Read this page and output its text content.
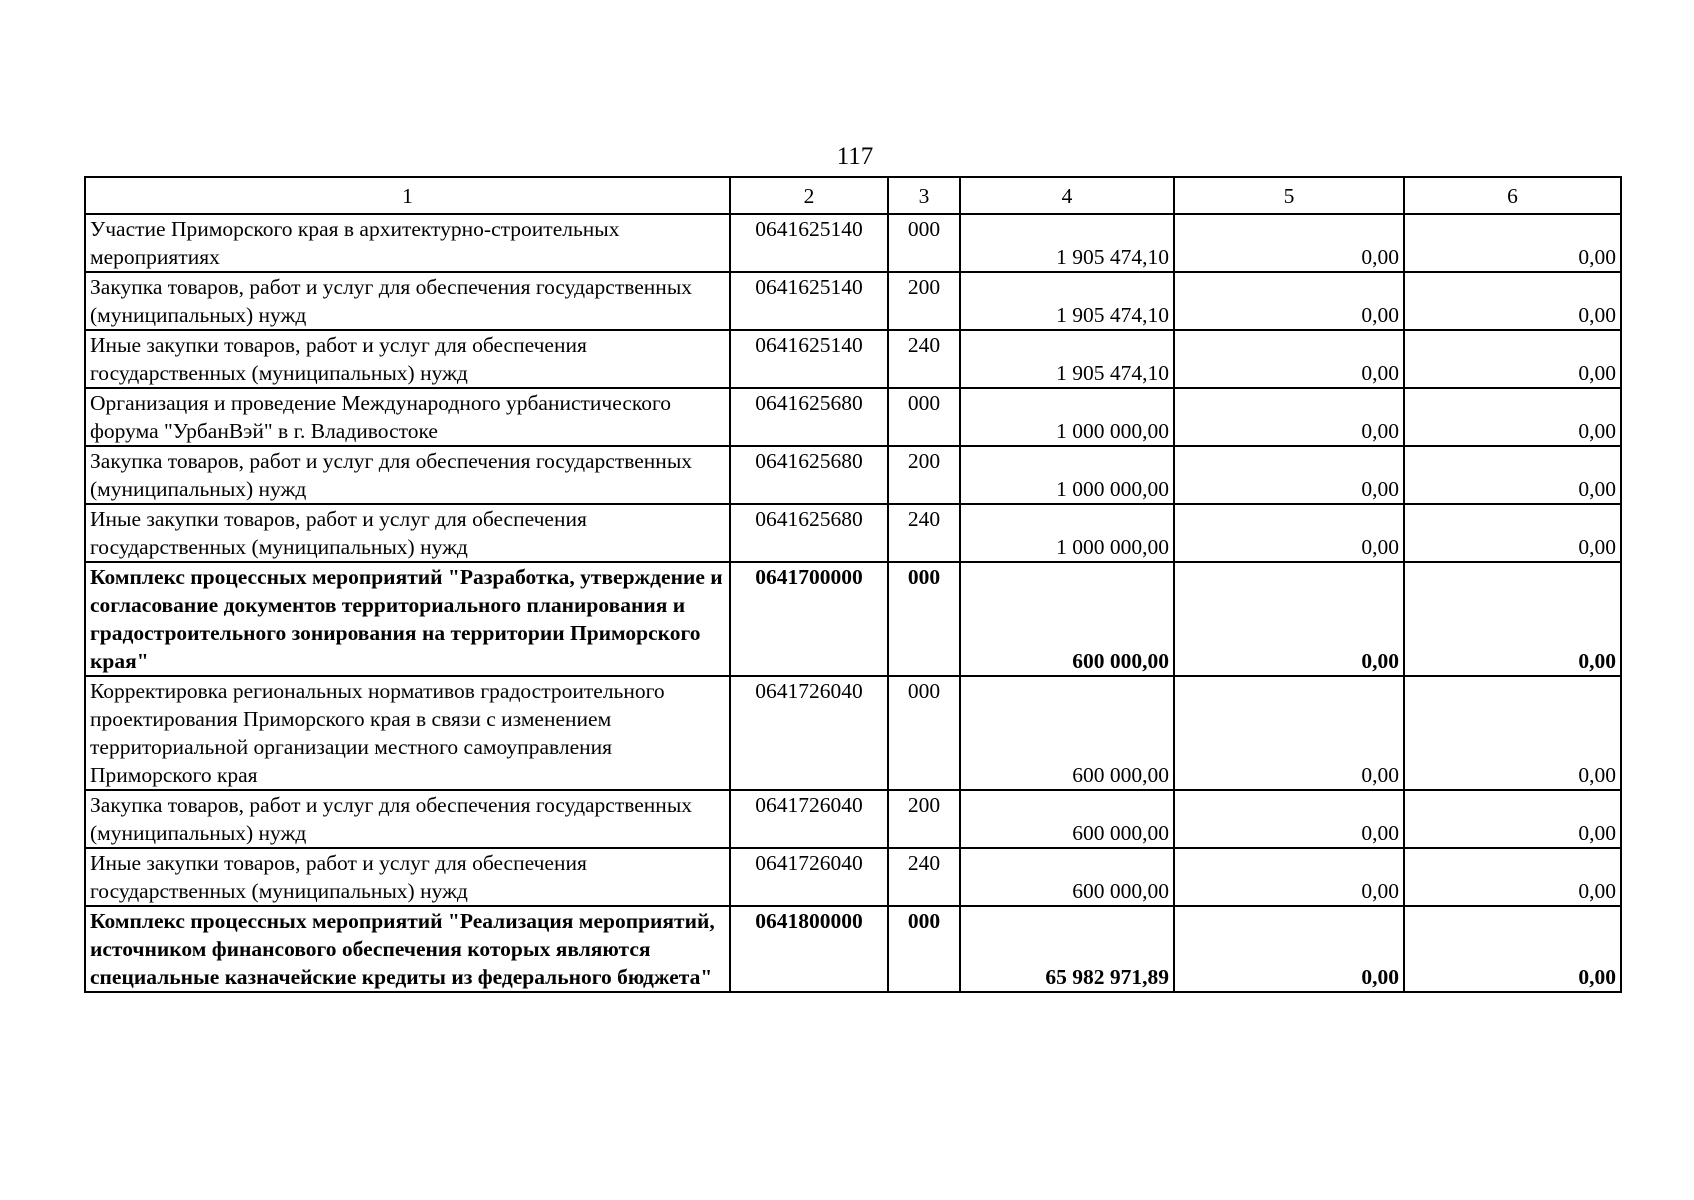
117
1	2	3	4	5	6
Участие Приморского края в архитектурно-строительных мероприятиях	0641625140	000	1 905 474,10	0,00	0,00
Закупка товаров, работ и услуг для обеспечения государственных (муниципальных) нужд	0641625140	200	1 905 474,10	0,00	0,00
Иные закупки товаров, работ и услуг для обеспечения государственных (муниципальных) нужд	0641625140	240	1 905 474,10	0,00	0,00
Организация и проведение Международного урбанистического форума "УрбанВэй" в г. Владивостоке	0641625680	000	1 000 000,00	0,00	0,00
Закупка товаров, работ и услуг для обеспечения государственных (муниципальных) нужд	0641625680	200	1 000 000,00	0,00	0,00
Иные закупки товаров, работ и услуг для обеспечения государственных (муниципальных) нужд	0641625680	240	1 000 000,00	0,00	0,00
Комплекс процессных мероприятий "Разработка, утверждение и согласование документов территориального планирования и градостроительного зонирования на территории Приморского края"	0641700000	000	600 000,00	0,00	0,00
Корректировка региональных нормативов градостроительного проектирования Приморского края в связи с изменением территориальной организации местного самоуправления Приморского края	0641726040	000	600 000,00	0,00	0,00
Закупка товаров, работ и услуг для обеспечения государственных (муниципальных) нужд	0641726040	200	600 000,00	0,00	0,00
Иные закупки товаров, работ и услуг для обеспечения государственных (муниципальных) нужд	0641726040	240	600 000,00	0,00	0,00
Комплекс процессных мероприятий "Реализация мероприятий, источником финансового обеспечения которых являются специальные казначейские кредиты из федерального бюджета"	0641800000	000	65 982 971,89	0,00	0,00
